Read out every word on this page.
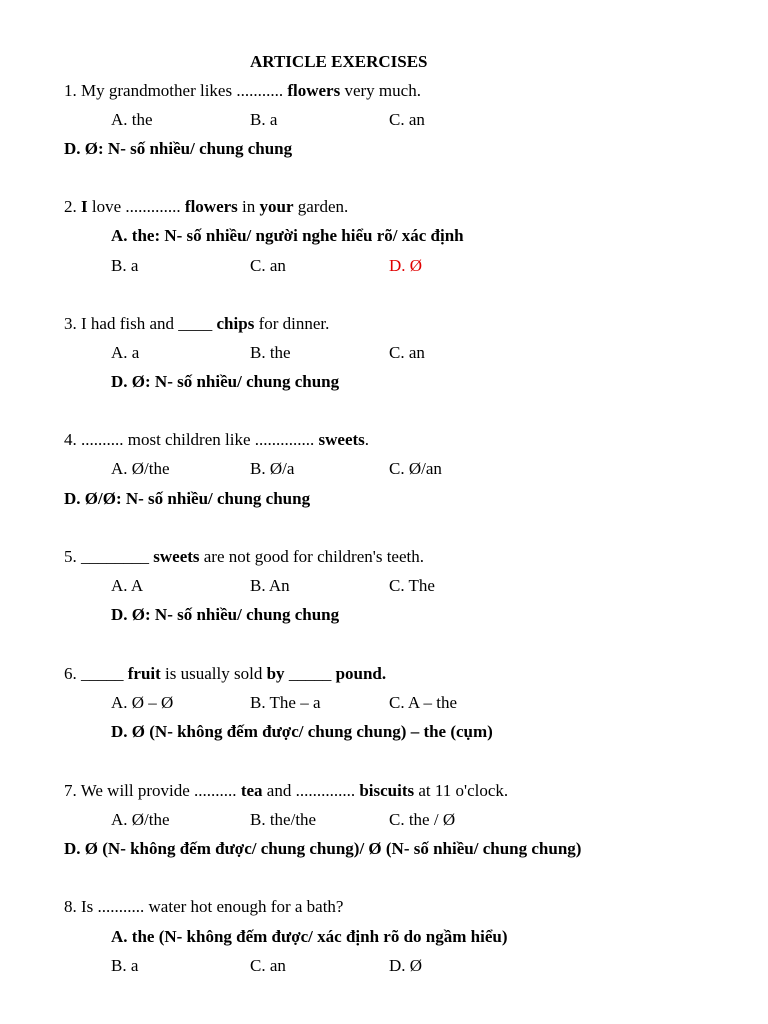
ARTICLE EXERCISES
1. My grandmother likes ........... flowers very much.
A. the	B. a	C. an
D. Ø: N- số nhiều/ chung chung
2. I love ............. flowers in your garden.
A. the: N- số nhiều/ người nghe hiểu rõ/ xác định
B. a	C. an	D. Ø
3. I had fish and ____ chips for dinner.
A. a	B. the	C. an
D. Ø: N- số nhiều/ chung chung
4. .......... most children like .............. sweets.
A. Ø/the	B. Ø/a	C. Ø/an
D. Ø/Ø: N- số nhiều/ chung chung
5. ________ sweets are not good for children's teeth.
A. A	B. An	C. The
D. Ø: N- số nhiều/ chung chung
6. _____ fruit is usually sold by _____ pound.
A. Ø – Ø	B. The – a	C. A – the
D. Ø (N- không đếm được/ chung chung) – the (cụm)
7. We will provide .......... tea and .............. biscuits at 11 o'clock.
A. Ø/the	B. the/the	C. the / Ø
D. Ø (N- không đếm được/ chung chung)/ Ø (N- số nhiều/ chung chung)
8. Is ........... water hot enough for a bath?
A. the (N- không đếm được/ xác định rõ do ngầm hiểu)
B. a	C. an	D. Ø
